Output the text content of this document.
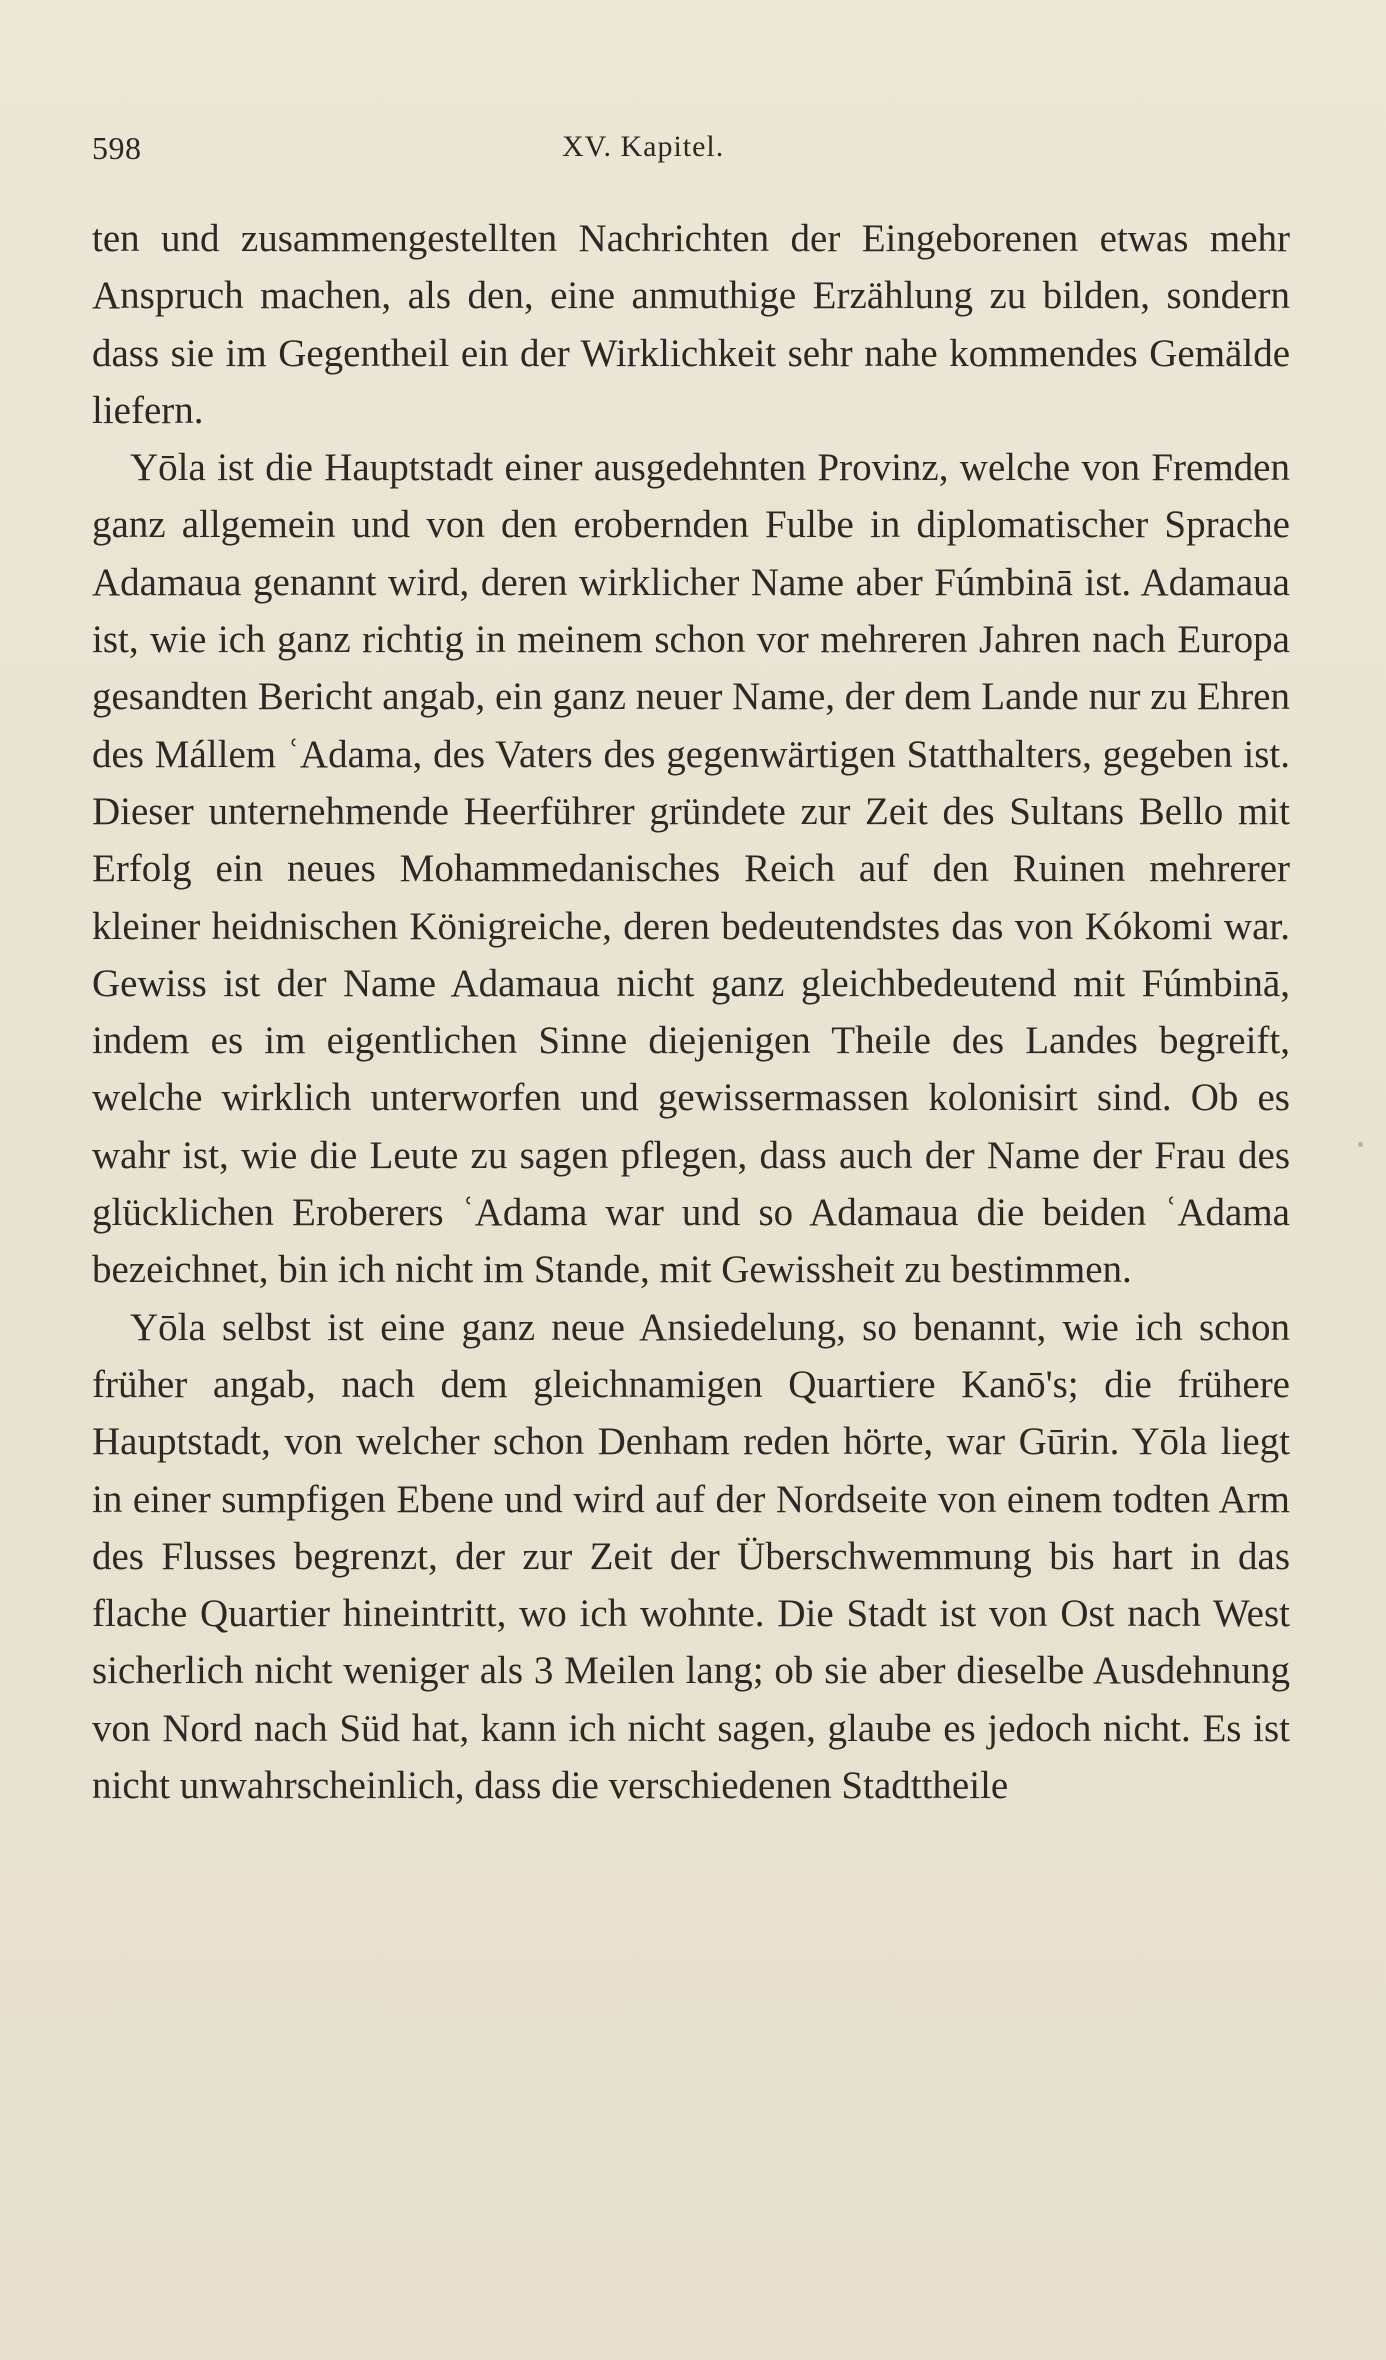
598	XV. Kapitel.

ten und zusammengestellten Nachrichten der Eingeborenen etwas mehr Anspruch machen, als den, eine anmuthige Erzählung zu bilden, sondern dass sie im Gegentheil ein der Wirklichkeit sehr nahe kommendes Gemälde liefern.

Yōla ist die Hauptstadt einer ausgedehnten Provinz, welche von Fremden ganz allgemein und von den erobernden Fulbe in diplomatischer Sprache Adamaua genannt wird, deren wirklicher Name aber Fúmbinā ist. Adamaua ist, wie ich ganz richtig in meinem schon vor mehreren Jahren nach Europa gesandten Bericht angab, ein ganz neuer Name, der dem Lande nur zu Ehren des Mállem ʿAdama, des Vaters des gegenwärtigen Statthalters, gegeben ist. Dieser unternehmende Heerführer gründete zur Zeit des Sultans Bello mit Erfolg ein neues Mohammedanisches Reich auf den Ruinen mehrerer kleiner heidnischen Königreiche, deren bedeutendstes das von Kókomi war. Gewiss ist der Name Adamaua nicht ganz gleichbedeutend mit Fúmbinā, indem es im eigentlichen Sinne diejenigen Theile des Landes begreift, welche wirklich unterworfen und gewissermassen kolonisirt sind. Ob es wahr ist, wie die Leute zu sagen pflegen, dass auch der Name der Frau des glücklichen Eroberers ʿAdama war und so Adamaua die beiden ʿAdama bezeichnet, bin ich nicht im Stande, mit Gewissheit zu bestimmen.

Yōla selbst ist eine ganz neue Ansiedelung, so benannt, wie ich schon früher angab, nach dem gleichnamigen Quartiere Kanō's; die frühere Hauptstadt, von welcher schon Denham reden hörte, war Gūrin. Yōla liegt in einer sumpfigen Ebene und wird auf der Nordseite von einem todten Arm des Flusses begrenzt, der zur Zeit der Überschwemmung bis hart in das flache Quartier hineintritt, wo ich wohnte. Die Stadt ist von Ost nach West sicherlich nicht weniger als 3 Meilen lang; ob sie aber dieselbe Ausdehnung von Nord nach Süd hat, kann ich nicht sagen, glaube es jedoch nicht. Es ist nicht unwahrscheinlich, dass die verschiedenen Stadttheile
